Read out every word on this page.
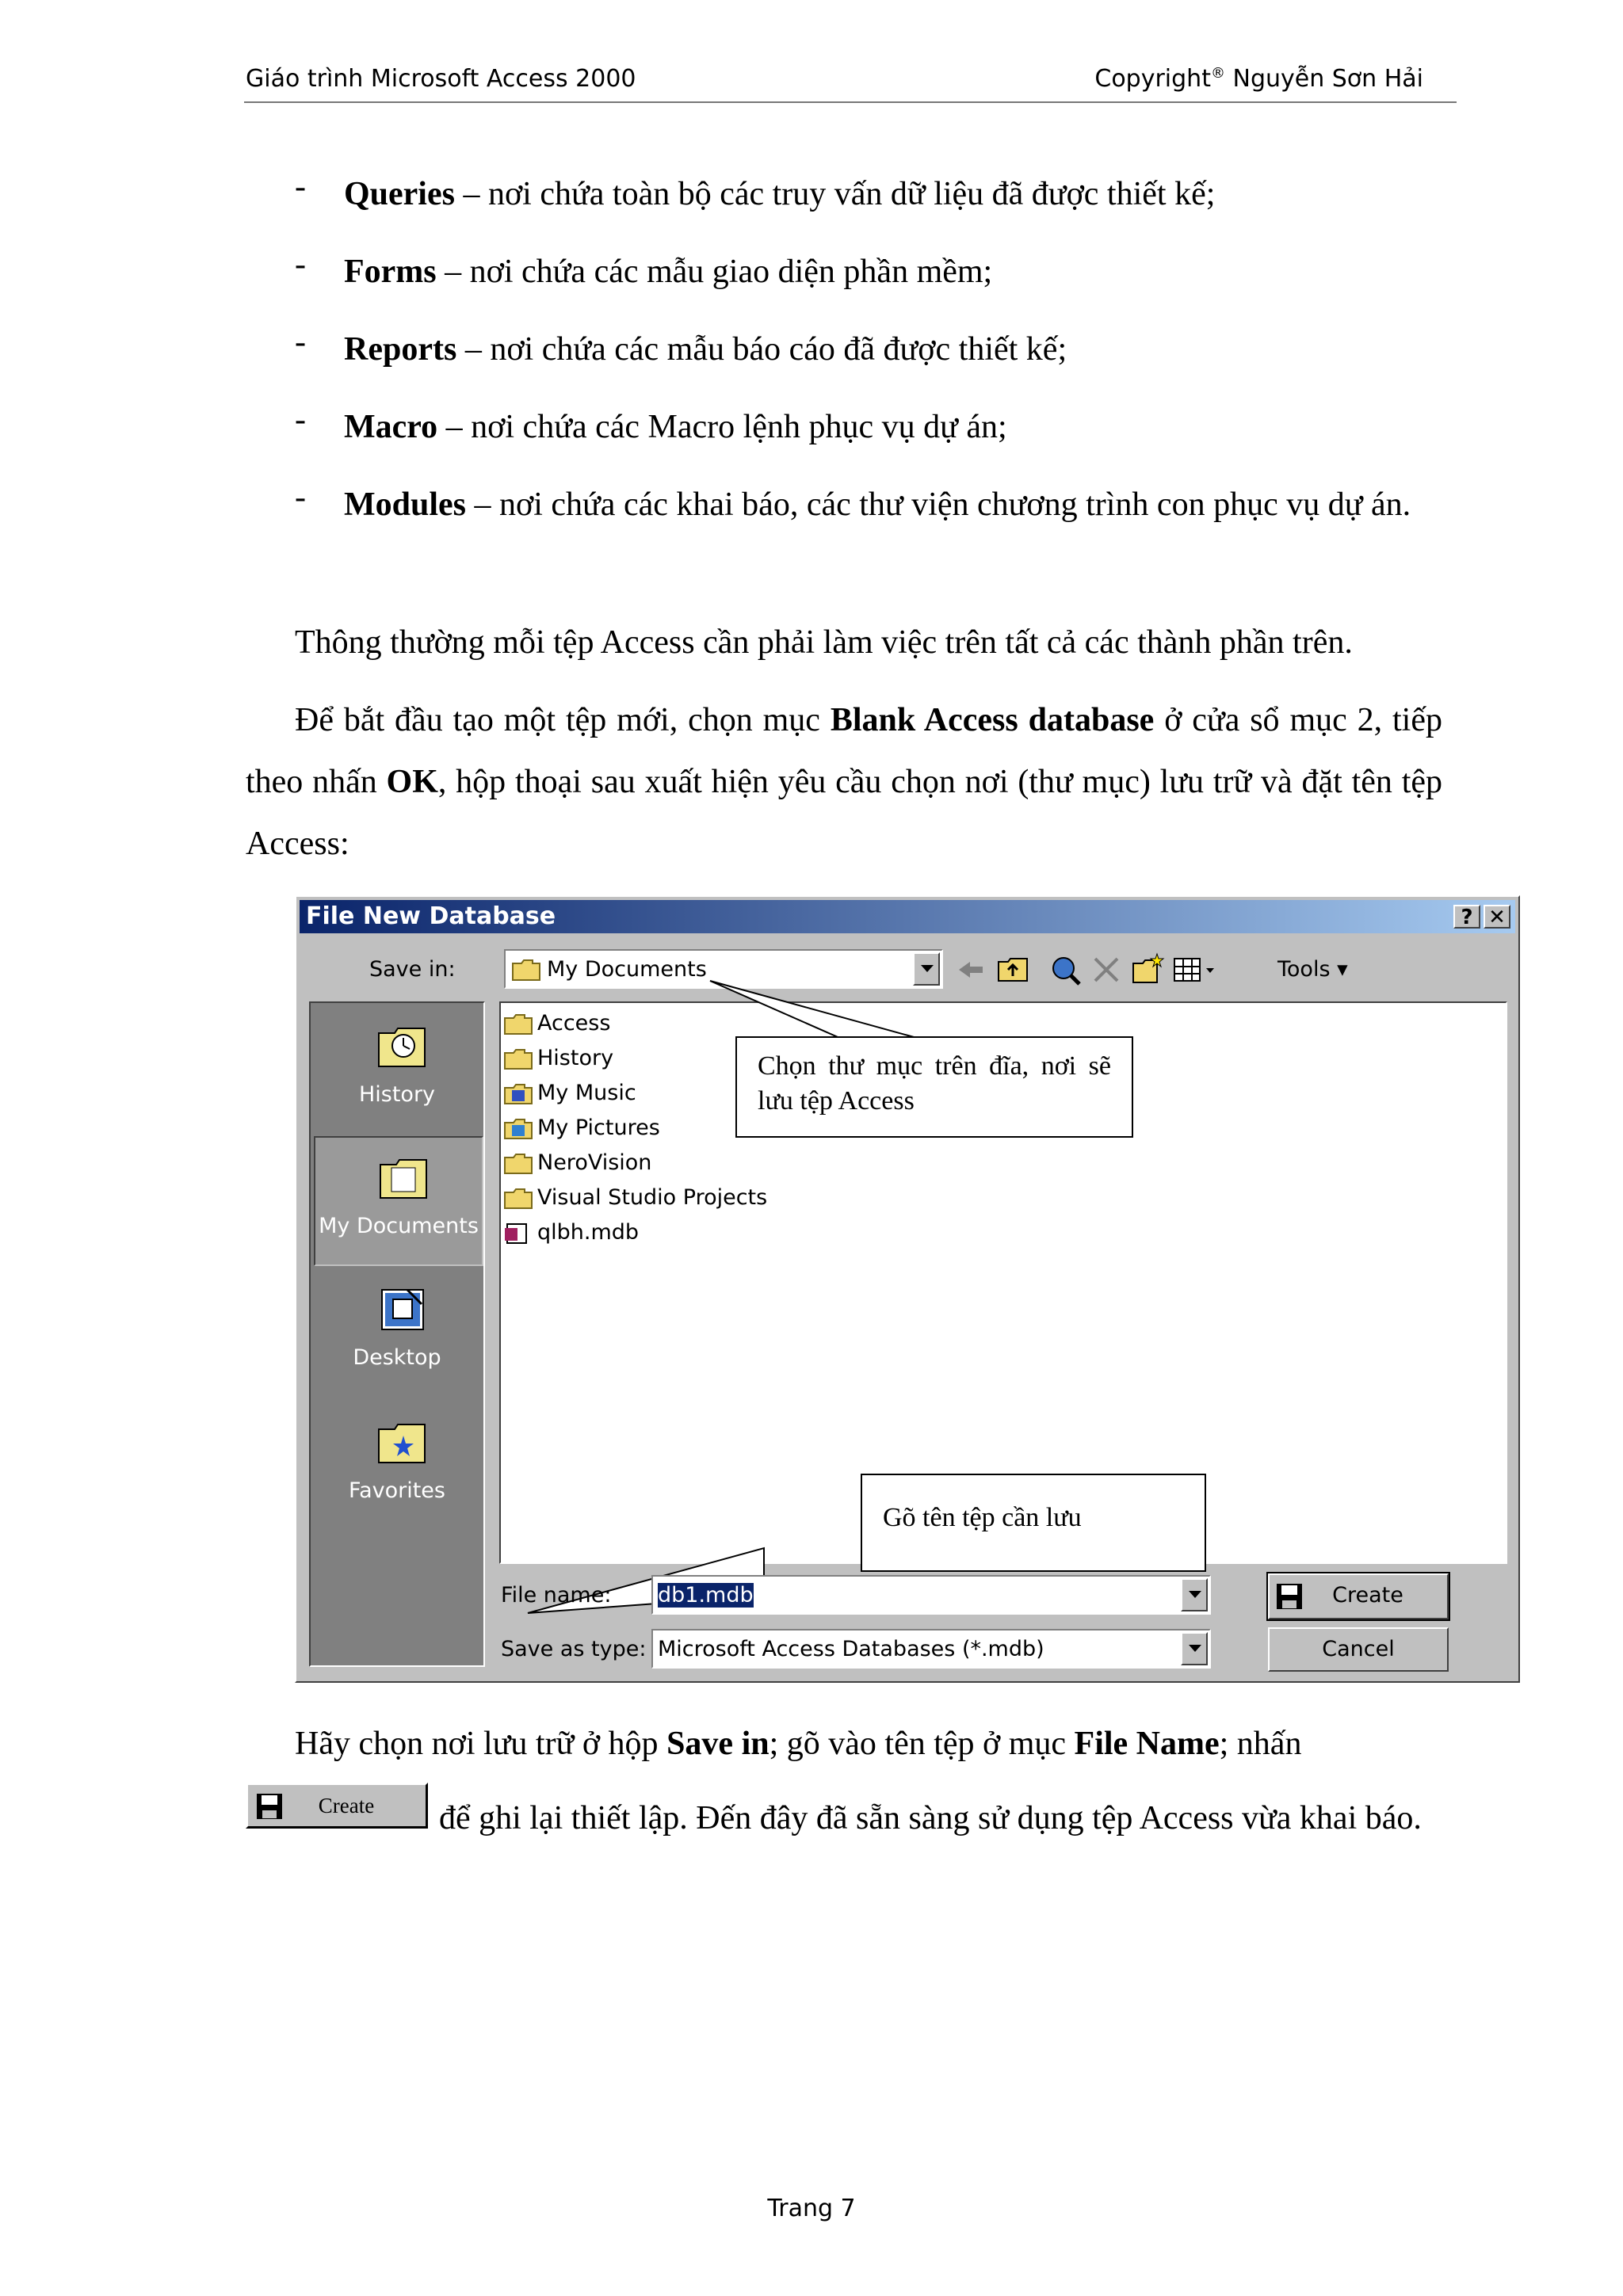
Giáo trình Microsoft Access 2000	Copyright® Nguyễn Sơn Hải
- Queries – nơi chứa toàn bộ các truy vấn dữ liệu đã được thiết kế;
- Forms – nơi chứa các mẫu giao diện phần mềm;
- Reports – nơi chứa các mẫu báo cáo đã được thiết kế;
- Macro – nơi chứa các Macro lệnh phục vụ dự án;
- Modules – nơi chứa các khai báo, các thư viện chương trình con phục vụ dự án.
Thông thường mỗi tệp Access cần phải làm việc trên tất cả các thành phần trên.
Để bắt đầu tạo một tệp mới, chọn mục Blank Access database ở cửa sổ mục 2, tiếp theo nhấn OK, hộp thoại sau xuất hiện yêu cầu chọn nơi (thư mục) lưu trữ và đặt tên tệp Access:
File New Database	? ✕
Save in:	My Documents	Tools ▾
History
My Documents
Desktop
Favorites
Access
History
My Music
My Pictures
NeroVision
Visual Studio Projects
qlbh.mdb
Chọn thư mục trên đĩa, nơi sẽ lưu tệp Access
Gõ tên tệp cần lưu
File name: db1.mdb
Save as type: Microsoft Access Databases (*.mdb)
Create
Cancel
Hãy chọn nơi lưu trữ ở hộp Save in; gõ vào tên tệp ở mục File Name; nhấn
Create	để ghi lại thiết lập. Đến đây đã sẵn sàng sử dụng tệp Access vừa khai báo.
Trang 7
